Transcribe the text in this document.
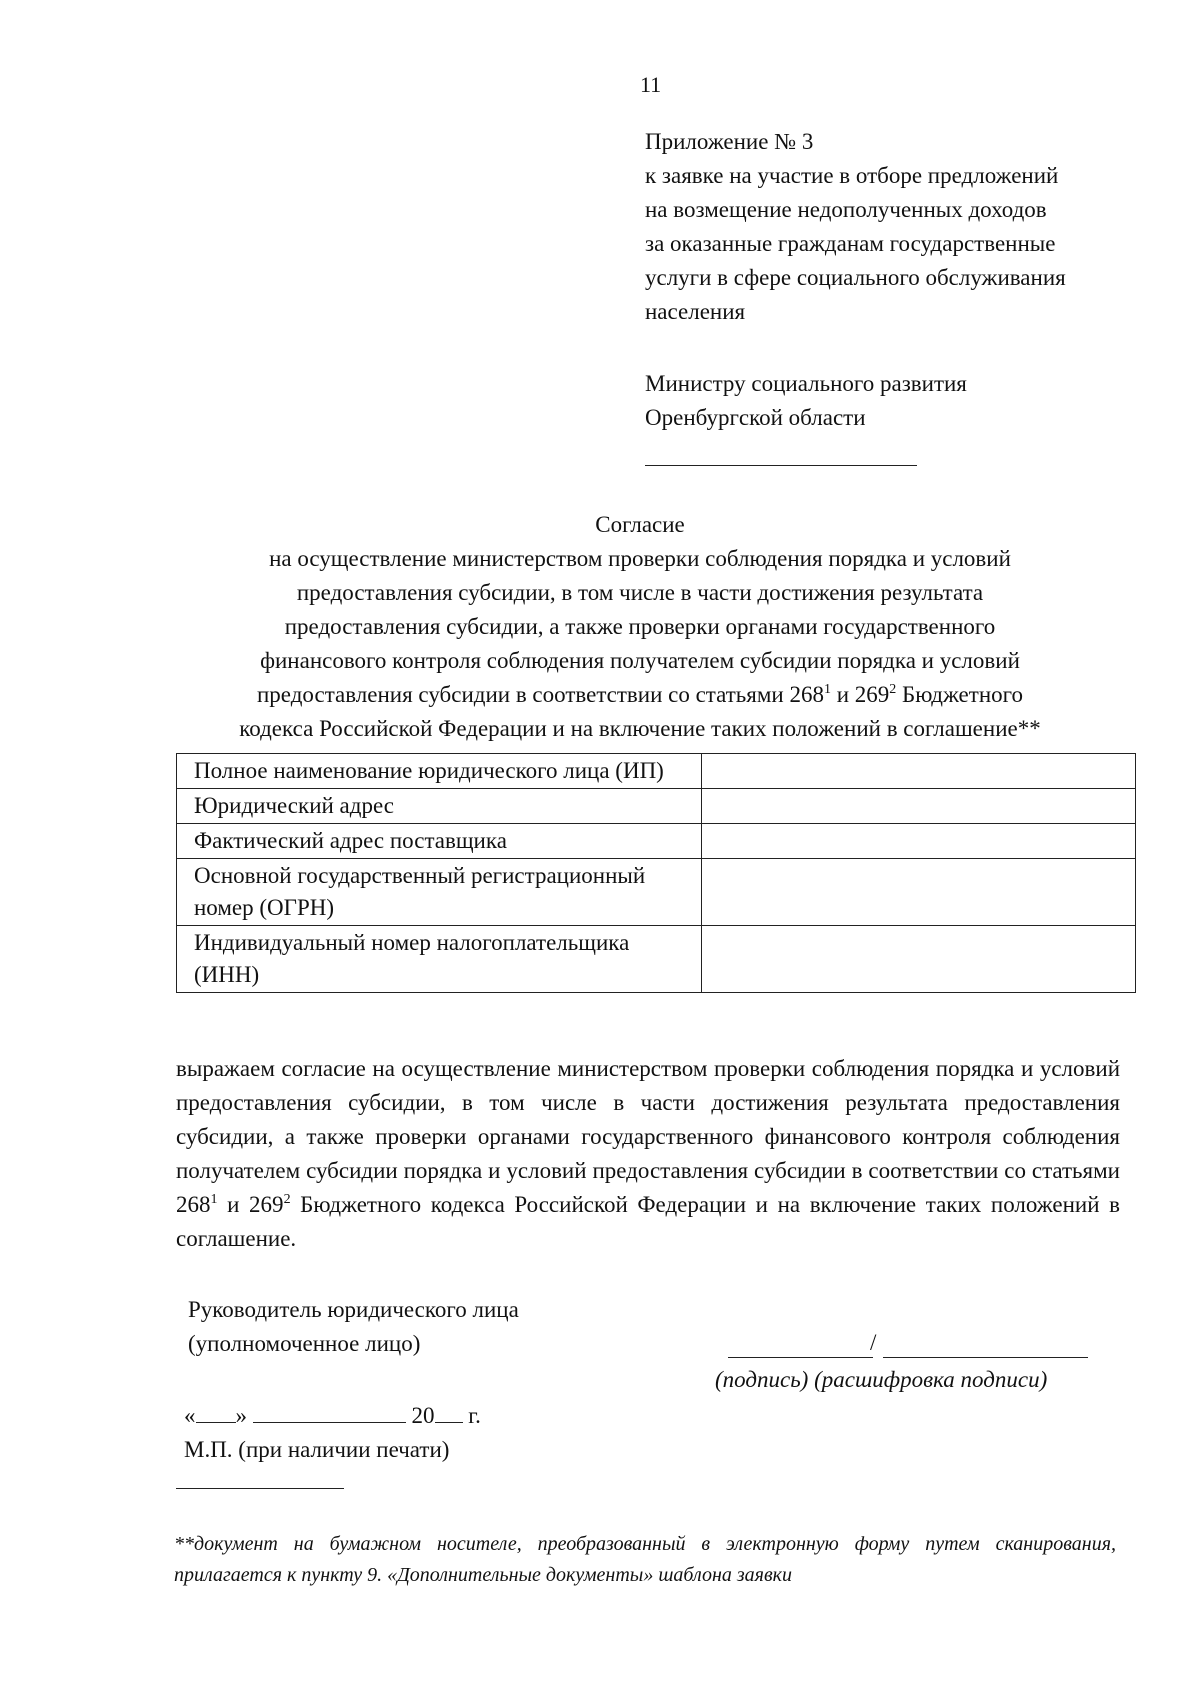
11
Приложение № 3
к заявке на участие в отборе предложений
на возмещение недополученных доходов
за оказанные гражданам государственные
услуги в сфере социального обслуживания
населения
Министру социального развития
Оренбургской области
Согласие
на осуществление министерством проверки соблюдения порядка и условий
предоставления субсидии, в том числе в части достижения результата
предоставления субсидии, а также проверки органами государственного
финансового контроля соблюдения получателем субсидии порядка и условий
предоставления субсидии в соответствии со статьями $268^1$ и $269^2$ Бюджетного
кодекса Российской Федерации и на включение таких положений в соглашение**
Полное наименование юридического лица (ИП)	
Юридический адрес	
Фактический адрес поставщика	
Основной государственный регистрационный номер (ОГРН)	
Индивидуальный номер налогоплательщика (ИНН)	
выражаем согласие на осуществление министерством проверки соблюдения порядка и условий предоставления субсидии, в том числе в части достижения результата предоставления субсидии, а также проверки органами государственного финансового контроля соблюдения получателем субсидии порядка и условий предоставления субсидии в соответствии со статьями $268^1$ и $269^2$ Бюджетного кодекса Российской Федерации и на включение таких положений в соглашение.
Руководитель юридического лица
(уполномоченное лицо)	/
(подпись) (расшифровка подписи)
« »	20 г.
М.П. (при наличии печати)
**документ на бумажном носителе, преобразованный в электронную форму путем сканирования, прилагается к пункту 9. «Дополнительные документы» шаблона заявки
